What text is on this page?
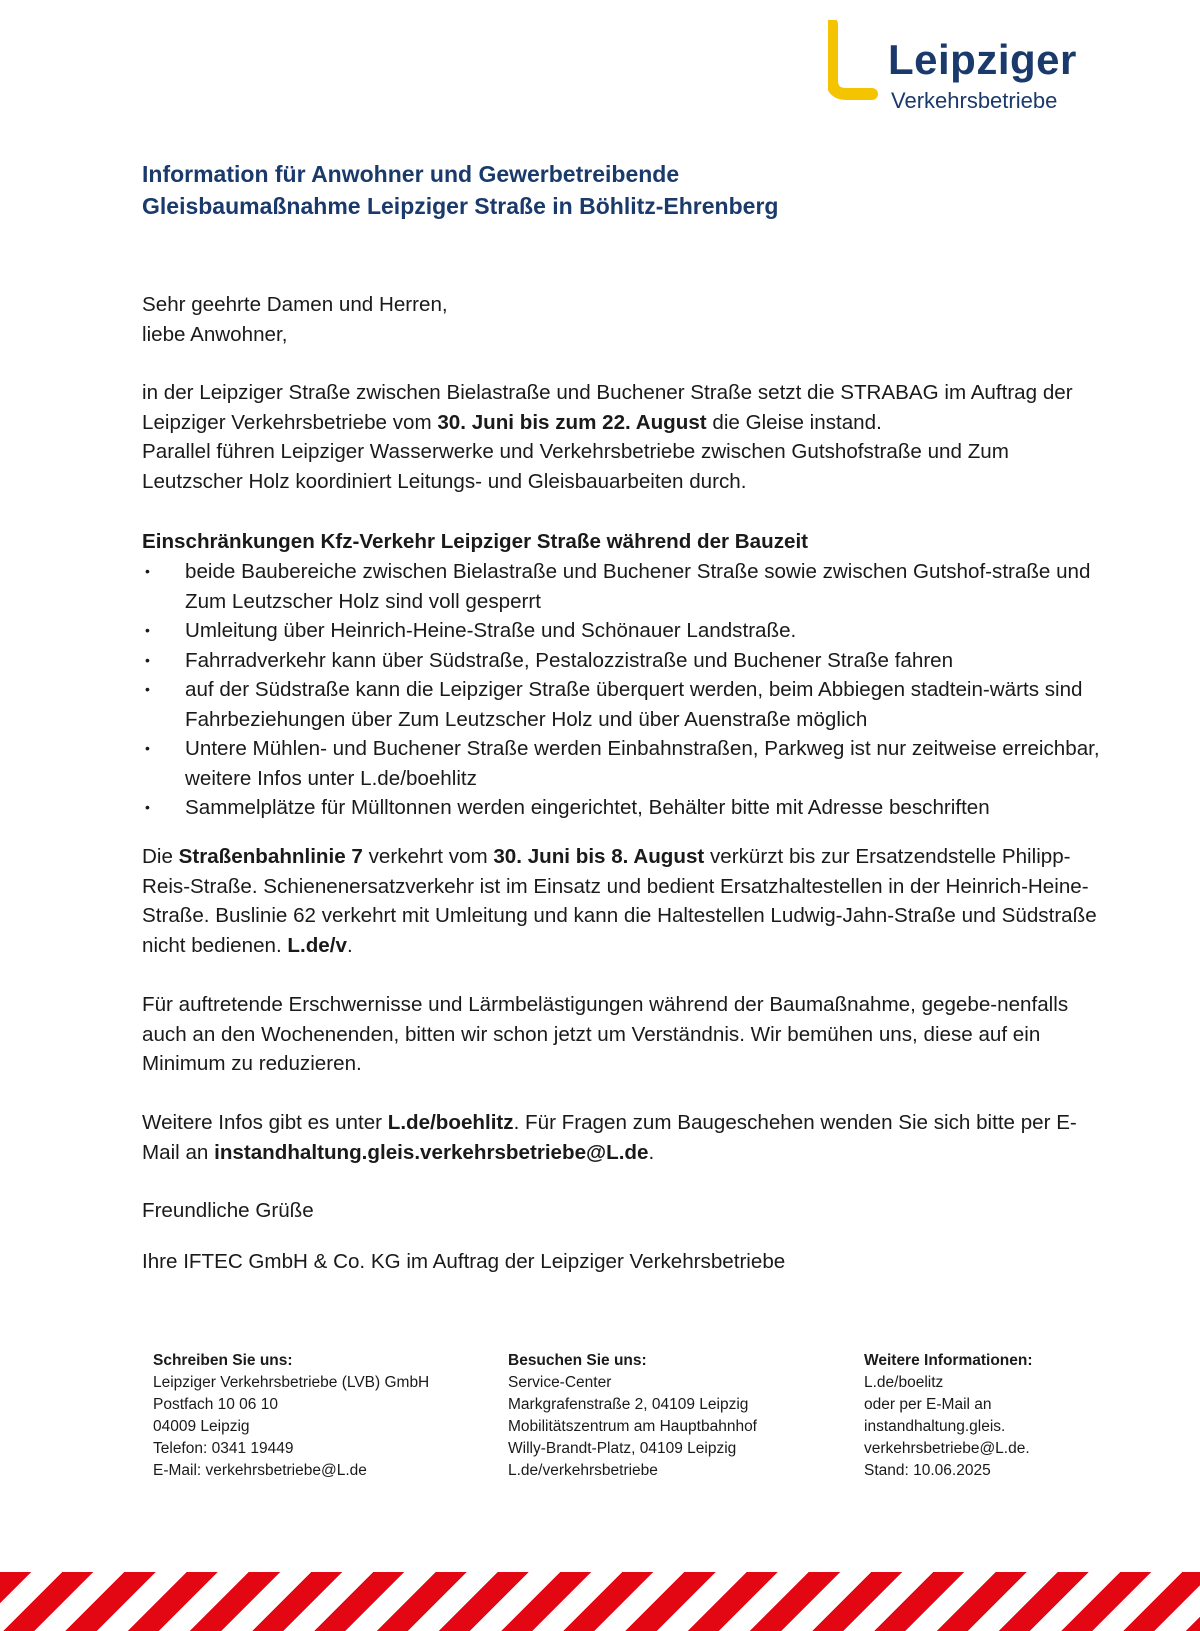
Leipziger
Verkehrsbetriebe
Information für Anwohner und Gewerbetreibende
Gleisbaumaßnahme Leipziger Straße in Böhlitz-Ehrenberg

Sehr geehrte Damen und Herren,

liebe Anwohner,

in der Leipziger Straße zwischen Bielastraße und Buchener Straße setzt die STRABAG im Auftrag der Leipziger Verkehrsbetriebe vom 30. Juni bis zum 22. August die Gleise instand.

Parallel führen Leipziger Wasserwerke und Verkehrsbetriebe zwischen Gutshofstraße und Zum Leutzscher Holz koordiniert Leitungs- und Gleisbauarbeiten durch.

Einschränkungen Kfz-Verkehr Leipziger Straße während der Bauzeit
• beide Baubereiche zwischen Bielastraße und Buchener Straße sowie zwischen Gutshof-straße und Zum Leutzscher Holz sind voll gesperrt
• Umleitung über Heinrich-Heine-Straße und Schönauer Landstraße.
• Fahrradverkehr kann über Südstraße, Pestalozzistraße und Buchener Straße fahren
• auf der Südstraße kann die Leipziger Straße überquert werden, beim Abbiegen stadtein-wärts sind Fahrbeziehungen über Zum Leutzscher Holz und über Auenstraße möglich
• Untere Mühlen- und Buchener Straße werden Einbahnstraßen, Parkweg ist nur zeitweise erreichbar, weitere Infos unter L.de/boehlitz
• Sammelplätze für Mülltonnen werden eingerichtet, Behälter bitte mit Adresse beschriften

Die Straßenbahnlinie 7 verkehrt vom 30. Juni bis 8. August verkürzt bis zur Ersatzendstelle Philipp-Reis-Straße. Schienenersatzverkehr ist im Einsatz und bedient Ersatzhaltestellen in der Heinrich-Heine-Straße. Buslinie 62 verkehrt mit Umleitung und kann die Haltestellen Ludwig-Jahn-Straße und Südstraße nicht bedienen. L.de/v.

Für auftretende Erschwernisse und Lärmbelästigungen während der Baumaßnahme, gegebe-nenfalls auch an den Wochenenden, bitten wir schon jetzt um Verständnis. Wir bemühen uns, diese auf ein Minimum zu reduzieren.

Weitere Infos gibt es unter L.de/boehlitz. Für Fragen zum Baugeschehen wenden Sie sich bitte per E-Mail an instandhaltung.gleis.verkehrsbetriebe@L.de.

Freundliche Grüße
Ihre IFTEC GmbH & Co. KG im Auftrag der Leipziger Verkehrsbetriebe
Schreiben Sie uns:
Leipziger Verkehrsbetriebe (LVB) GmbH
Postfach 10 06 10
04009 Leipzig
Telefon: 0341 19449
E-Mail: verkehrsbetriebe@L.de
Besuchen Sie uns:
Service-Center
Markgrafenstraße 2, 04109 Leipzig
Mobilitätszentrum am Hauptbahnhof
Willy-Brandt-Platz, 04109 Leipzig
L.de/verkehrsbetriebe
Weitere Informationen:
L.de/boelitz
oder per E-Mail an
instandhaltung.gleis.
verkehrsbetriebe@L.de.
Stand: 10.06.2025
